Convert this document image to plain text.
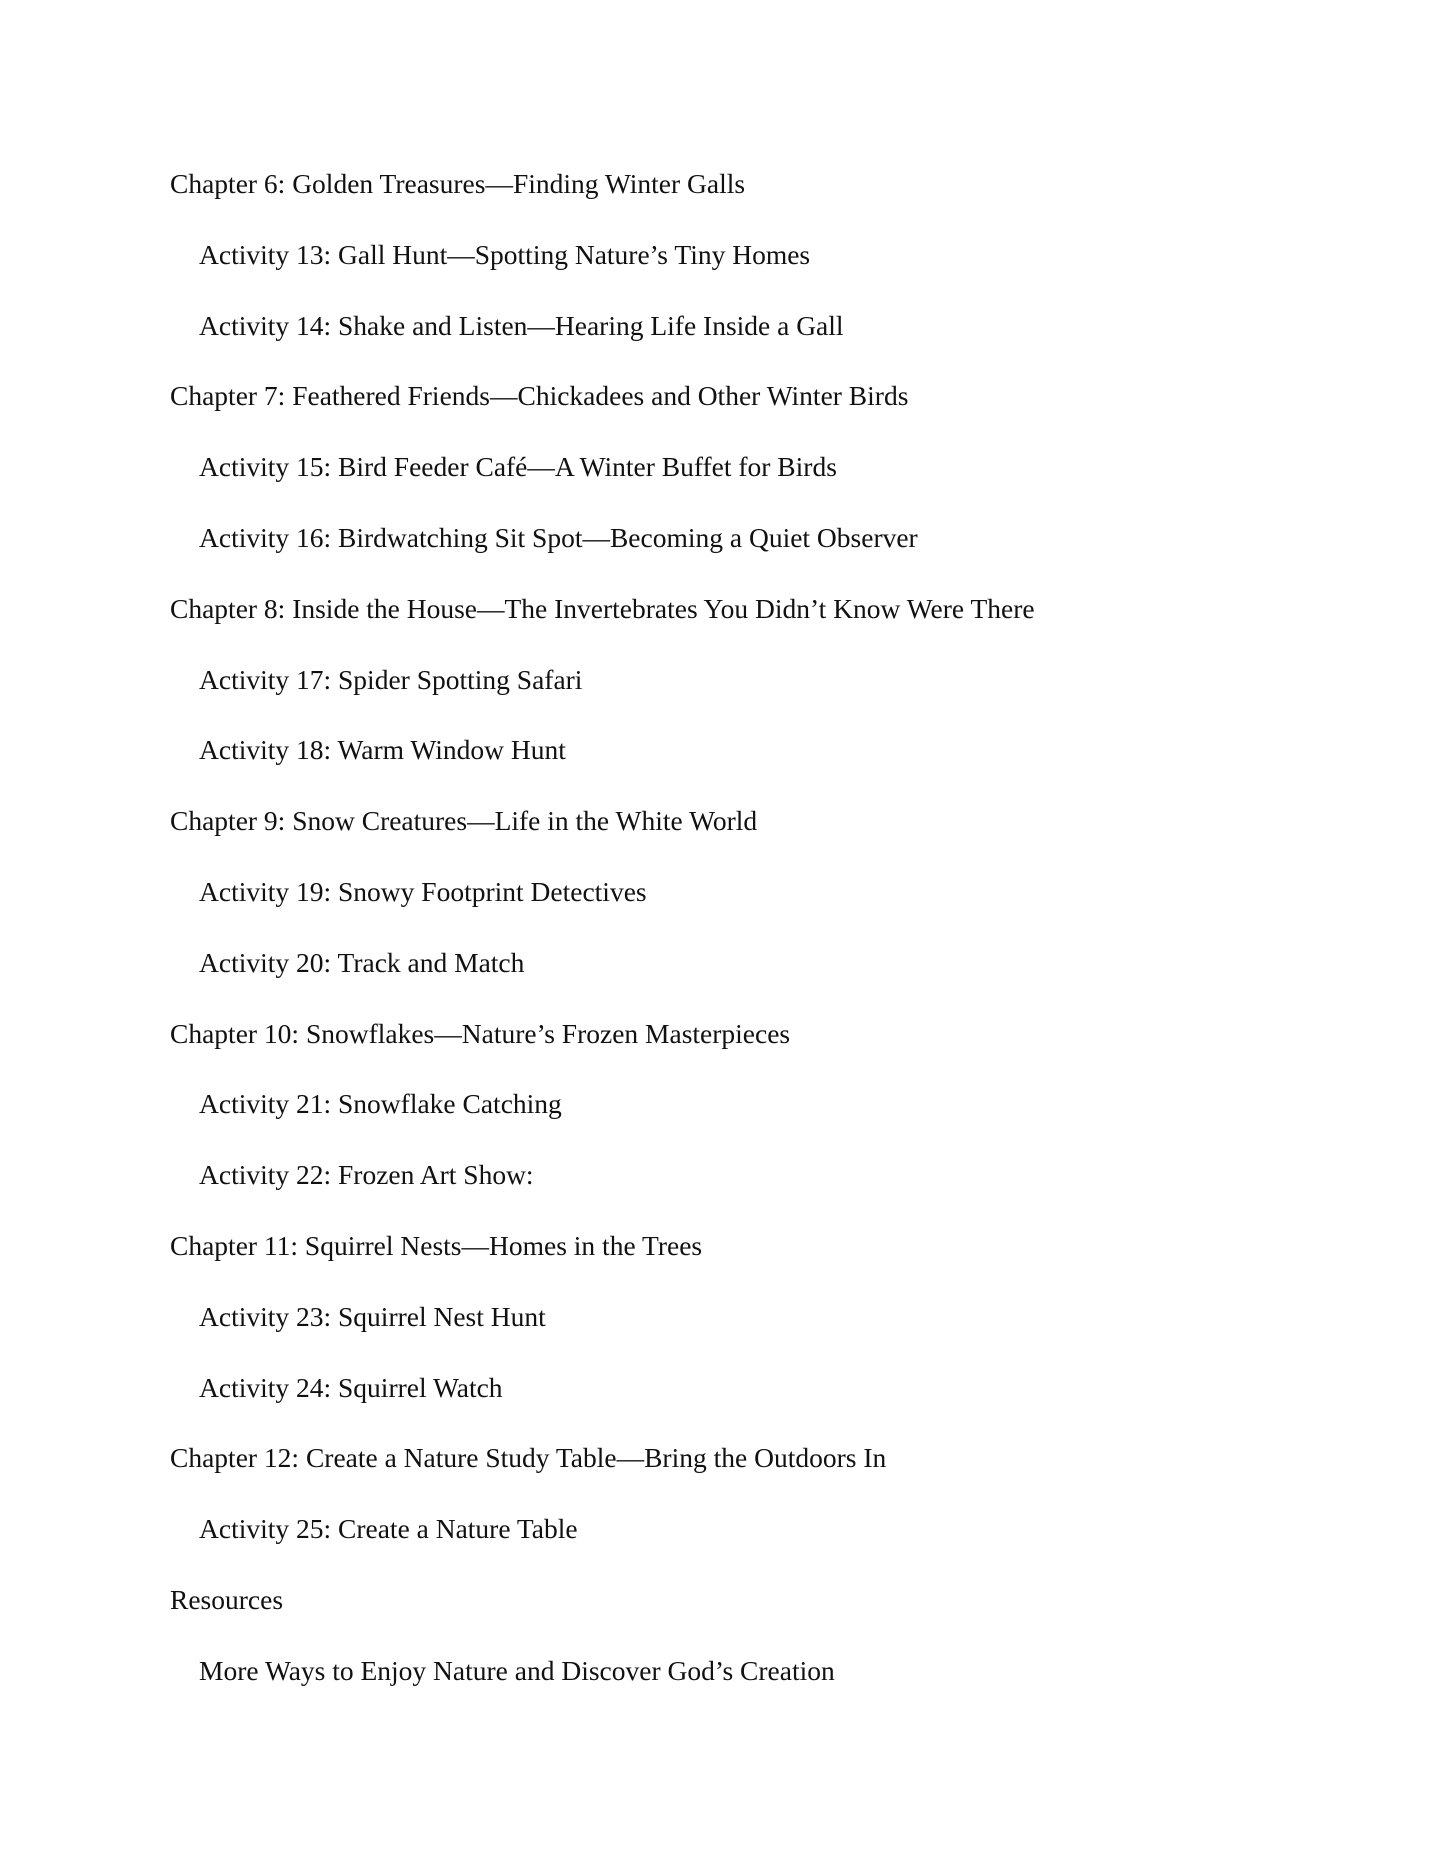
Chapter 6: Golden Treasures—Finding Winter Galls
Activity 13: Gall Hunt—Spotting Nature’s Tiny Homes
Activity 14: Shake and Listen—Hearing Life Inside a Gall
Chapter 7: Feathered Friends—Chickadees and Other Winter Birds
Activity 15: Bird Feeder Café—A Winter Buffet for Birds
Activity 16: Birdwatching Sit Spot—Becoming a Quiet Observer
Chapter 8: Inside the House—The Invertebrates You Didn’t Know Were There
Activity 17: Spider Spotting Safari
Activity 18: Warm Window Hunt
Chapter 9: Snow Creatures—Life in the White World
Activity 19: Snowy Footprint Detectives
Activity 20: Track and Match
Chapter 10: Snowflakes—Nature’s Frozen Masterpieces
Activity 21: Snowflake Catching
Activity 22: Frozen Art Show:
Chapter 11: Squirrel Nests—Homes in the Trees
Activity 23: Squirrel Nest Hunt
Activity 24: Squirrel Watch
Chapter 12: Create a Nature Study Table—Bring the Outdoors In
Activity 25: Create a Nature Table
Resources
More Ways to Enjoy Nature and Discover God’s Creation
